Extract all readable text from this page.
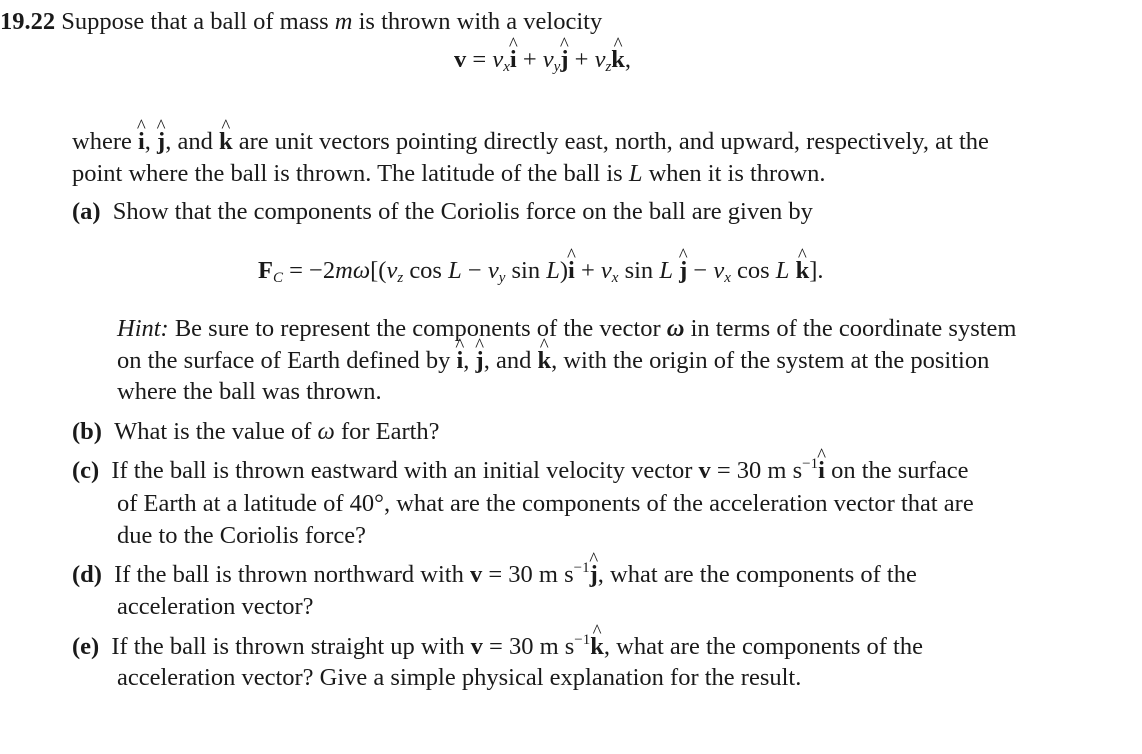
19.22 Suppose that a ball of mass m is thrown with a velocity
$v = v_x\^{}$ $i + v_y\^{}$ $j + v_z\^{}$ k,
where ^ i, ^ j, and ^ k are unit vectors pointing directly east, north, and upward, respectively, at the
point where the ball is thrown. The latitude of the ball is L when it is thrown.
(a) Show that the components of the Coriolis force on the ball are given by
$F_C = -2m\omega[(v_z$ $\cos L - v_y$ sin L)^ $i + v_x$ sin L ^ $j - v_x$ cos L ^ k].
Hint: Be sure to represent the components of the vector ω in terms of the coordinate system
on the surface of Earth defined by ^ i, ^ j, and ^ k, with the origin of the system at the position
where the ball was thrown.
(b) What is the value of ω for Earth?
(c) If the ball is thrown eastward with an initial velocity vector v = 30 m $s^{-1}\^{}$ i on the surface
of Earth at a latitude of 40°, what are the components of the acceleration vector that are
due to the Coriolis force?
(d) If the ball is thrown northward with v = 30 m $s^{-1}\^{}$ j, what are the components of the
acceleration vector?
(e) If the ball is thrown straight up with v = 30 m $s^{-1}\^{}$ k, what are the components of the
acceleration vector? Give a simple physical explanation for the result.
